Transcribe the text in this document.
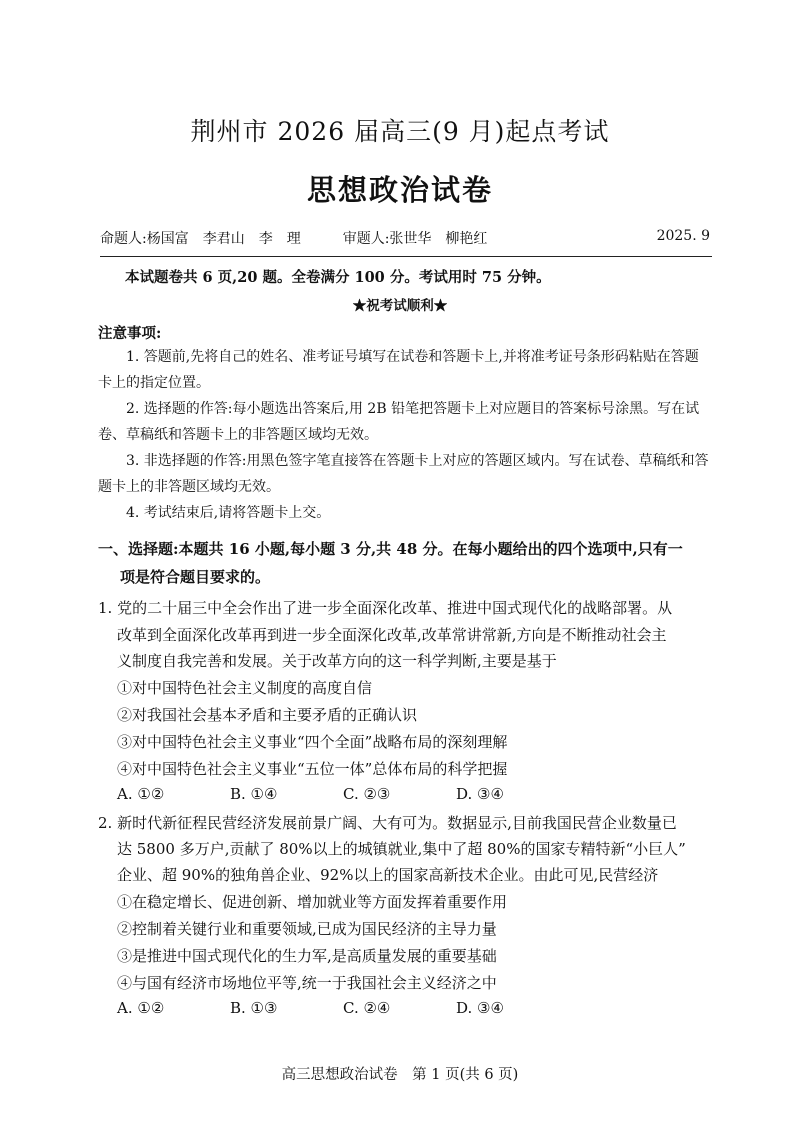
荆州市 2026 届高三(9 月)起点考试
思想政治试卷
命题人:杨国富　李君山　李　理　　　审题人:张世华　柳艳红	2025. 9
本试题卷共 6 页,20 题。全卷满分 100 分。考试用时 75 分钟。
★祝考试顺利★
注意事项:

1. 答题前,先将自己的姓名、准考证号填写在试卷和答题卡上,并将准考证号条形码粘贴在答题卡上的指定位置。

2. 选择题的作答:每小题选出答案后,用 2B 铅笔把答题卡上对应题目的答案标号涂黑。写在试卷、草稿纸和答题卡上的非答题区域均无效。

3. 非选择题的作答:用黑色签字笔直接答在答题卡上对应的答题区域内。写在试卷、草稿纸和答题卡上的非答题区域均无效。

4. 考试结束后,请将答题卡上交。

一、选择题:本题共 16 小题,每小题 3 分,共 48 分。在每小题给出的四个选项中,只有一
项是符合题目要求的。
1. 党的二十届三中全会作出了进一步全面深化改革、推进中国式现代化的战略部署。从
改革到全面深化改革再到进一步全面深化改革,改革常讲常新,方向是不断推动社会主
义制度自我完善和发展。关于改革方向的这一科学判断,主要是基于
①对中国特色社会主义制度的高度自信
②对我国社会基本矛盾和主要矛盾的正确认识
③对中国特色社会主义事业“四个全面”战略布局的深刻理解
④对中国特色社会主义事业“五位一体”总体布局的科学把握
A. ①②	B. ①④	C. ②③	D. ③④
2. 新时代新征程民营经济发展前景广阔、大有可为。数据显示,目前我国民营企业数量已
达 5800 多万户,贡献了 80%以上的城镇就业,集中了超 80%的国家专精特新“小巨人”
企业、超 90%的独角兽企业、92%以上的国家高新技术企业。由此可见,民营经济
①在稳定增长、促进创新、增加就业等方面发挥着重要作用
②控制着关键行业和重要领域,已成为国民经济的主导力量
③是推进中国式现代化的生力军,是高质量发展的重要基础
④与国有经济市场地位平等,统一于我国社会主义经济之中
A. ①②	B. ①③	C. ②④	D. ③④
高三思想政治试卷　第 1 页(共 6 页)
